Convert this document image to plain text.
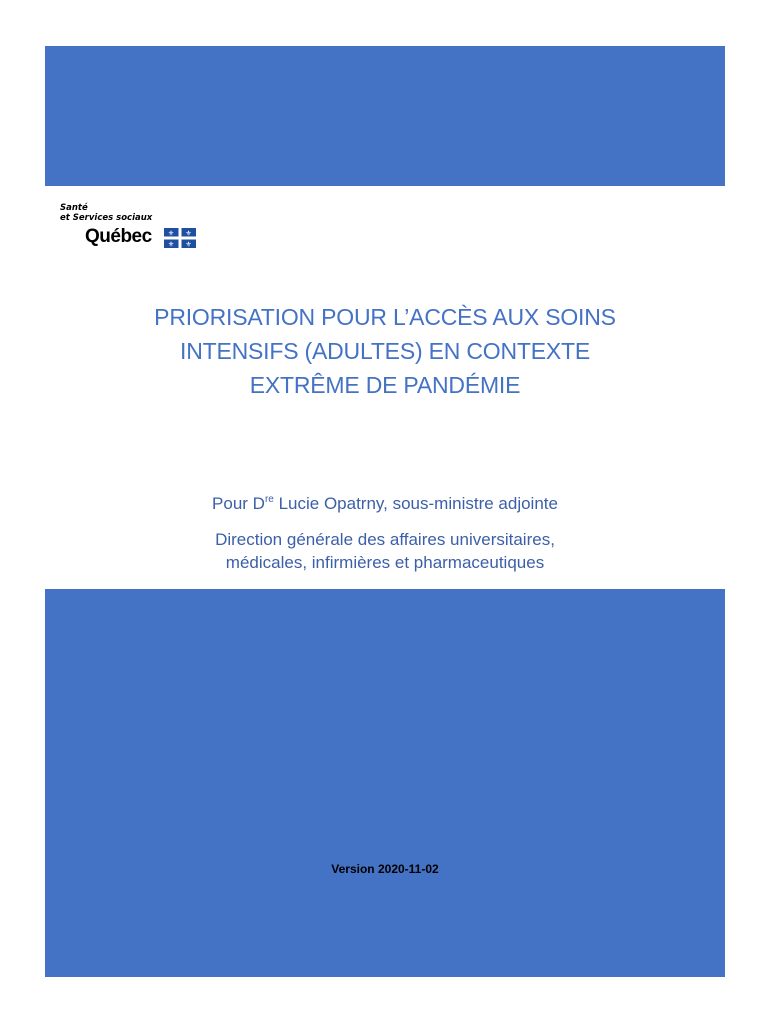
Santé
et Services sociaux
Québec ⚜ ⚜
⚜ ⚜
PRIORISATION POUR L’ACCÈS AUX SOINS
INTENSIFS (ADULTES) EN CONTEXTE
EXTRÊME DE PANDÉMIE
Pour Dre Lucie Opatrny, sous-ministre adjointe
Direction générale des affaires universitaires,
médicales, infirmières et pharmaceutiques
Version 2020-11-02
